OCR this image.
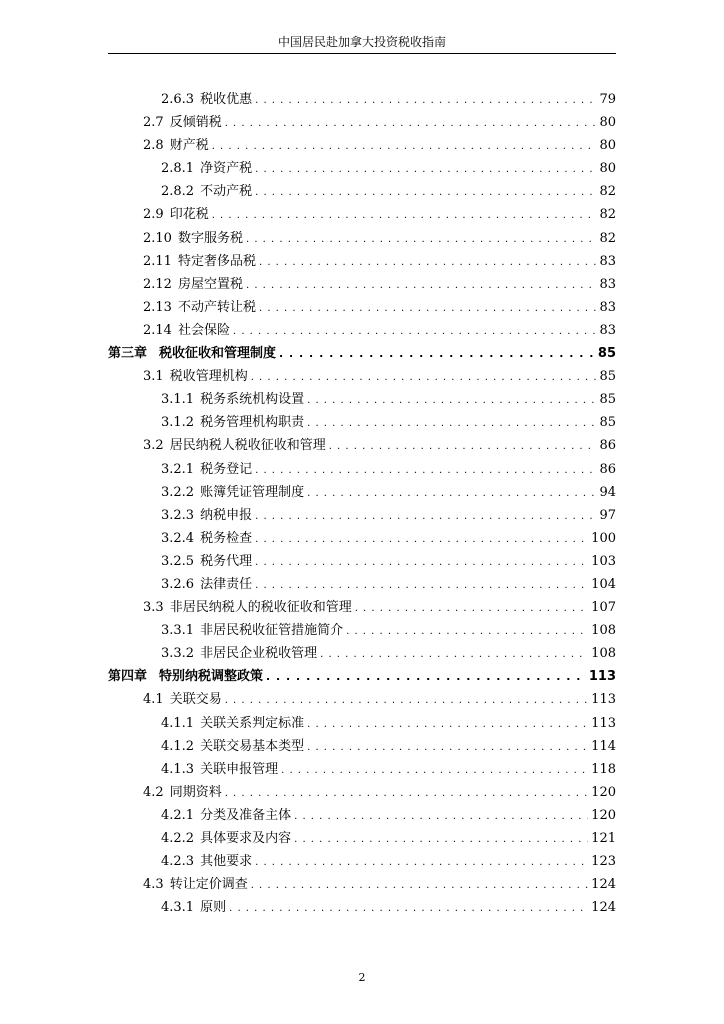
中国居民赴加拿大投资税收指南
2.6.3 税收优惠 . . .	79
2.7 反倾销税 . . .	80
2.8 财产税 . . .	80
2.8.1 净资产税 . . .	80
2.8.2 不动产税 . . .	82
2.9 印花税 . . .	82
2.10 数字服务税 . . .	82
2.11 特定奢侈品税 . . .	83
2.12 房屋空置税 . . .	83
2.13 不动产转让税 . . .	83
2.14 社会保险 . . .	83
第三章 税收征收和管理制度 . . .	85
3.1 税收管理机构 . . .	85
3.1.1 税务系统机构设置 . . .	85
3.1.2 税务管理机构职责 . . .	85
3.2 居民纳税人税收征收和管理 . . .	86
3.2.1 税务登记 . . .	86
3.2.2 账簿凭证管理制度 . . .	94
3.2.3 纳税申报 . . .	97
3.2.4 税务检查 . . .	100
3.2.5 税务代理 . . .	103
3.2.6 法律责任 . . .	104
3.3 非居民纳税人的税收征收和管理 . . .	107
3.3.1 非居民税收征管措施简介 . . .	108
3.3.2 非居民企业税收管理 . . .	108
第四章 特别纳税调整政策 . . .	113
4.1 关联交易 . . .	113
4.1.1 关联关系判定标准 . . .	113
4.1.2 关联交易基本类型 . . .	114
4.1.3 关联申报管理 . . .	118
4.2 同期资料 . . .	120
4.2.1 分类及准备主体 . . .	120
4.2.2 具体要求及内容 . . .	121
4.2.3 其他要求 . . .	123
4.3 转让定价调查 . . .	124
4.3.1 原则 . . .	124
2
